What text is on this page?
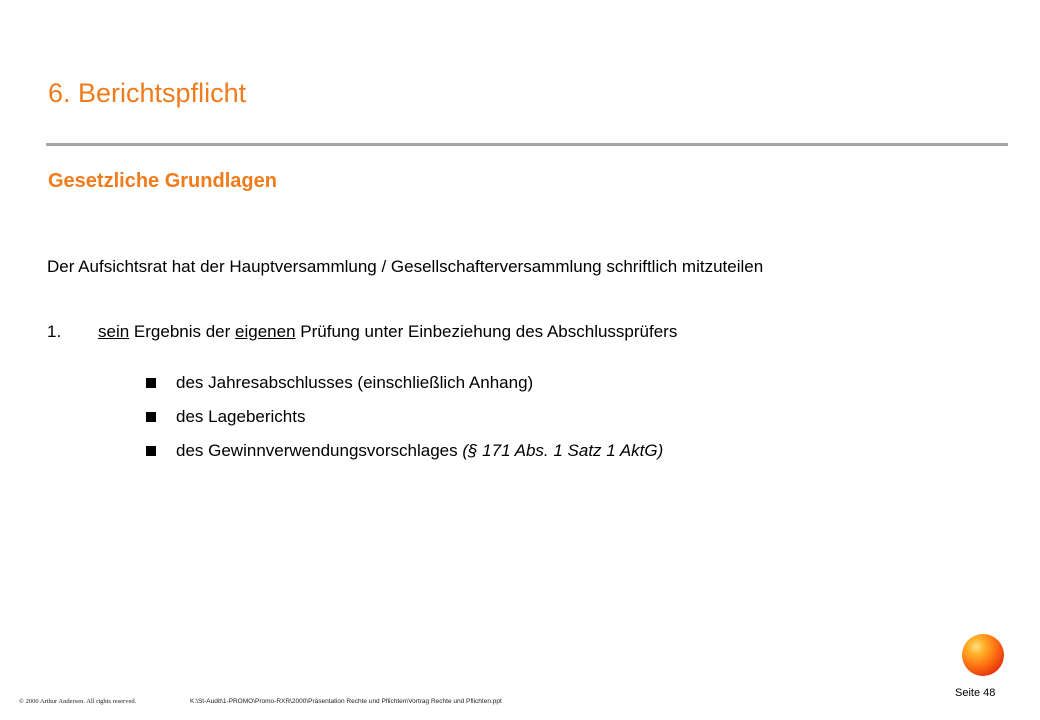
6. Berichtspflicht
Gesetzliche Grundlagen
Der Aufsichtsrat hat der Hauptversammlung / Gesellschafterversammlung schriftlich mitzuteilen
1. sein Ergebnis der eigenen Prüfung unter Einbeziehung des Abschlussprüfers
des Jahresabschlusses (einschließlich Anhang)
des Lageberichts
des Gewinnverwendungsvorschlages (§ 171 Abs. 1 Satz 1 AktG)
Seite 48
© 2000 Arthur Andersen. All rights reserved.	K:\St-Audit\1-PROMO\Promo-RXR\2000\Präsentation Rechte und Pflichten\Vortrag Rechte und Pflichten.ppt
